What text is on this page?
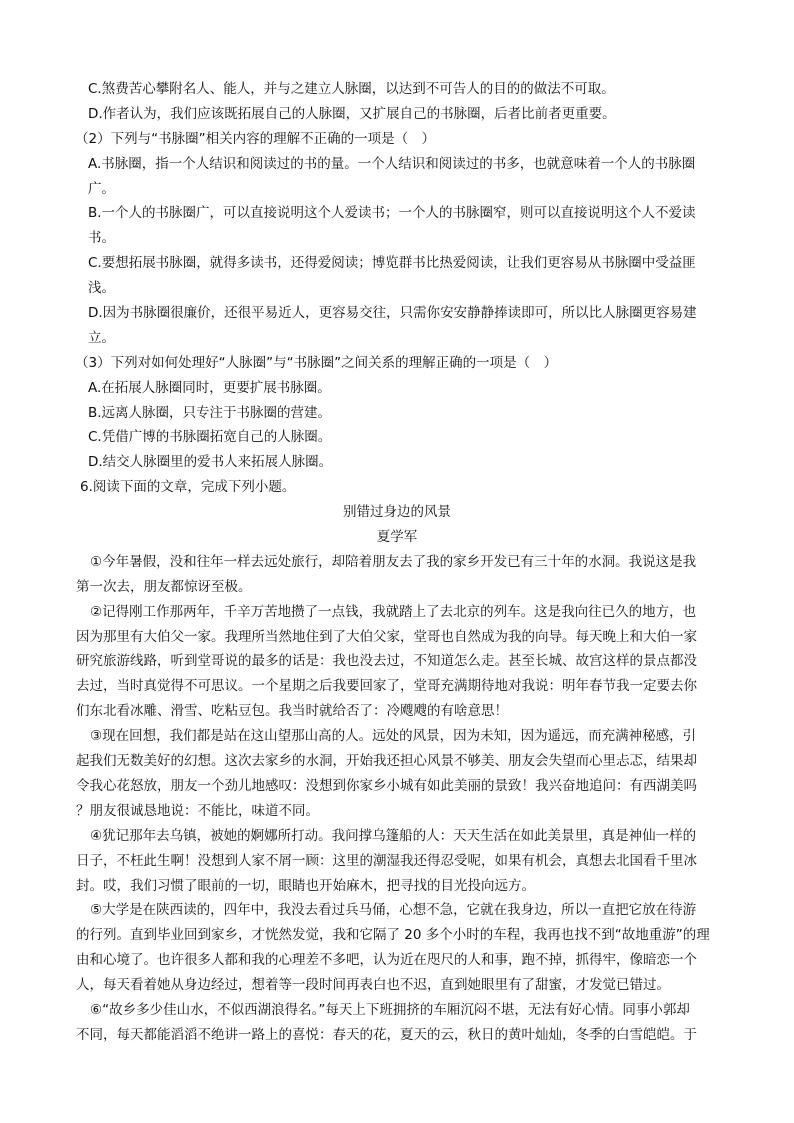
C.煞费苦心攀附名人、能人，并与之建立人脉圈，以达到不可告人的目的的做法不可取。
D.作者认为，我们应该既拓展自己的人脉圈，又扩展自己的书脉圈，后者比前者更重要。
（2）下列与“书脉圈”相关内容的理解不正确的一项是（　）
A.书脉圈，指一个人结识和阅读过的书的量。一个人结识和阅读过的书多，也就意味着一个人的书脉圈
广。
B.一个人的书脉圈广，可以直接说明这个人爱读书；一个人的书脉圈窄，则可以直接说明这个人不爱读
书。
C.要想拓展书脉圈，就得多读书，还得爱阅读；博览群书比热爱阅读，让我们更容易从书脉圈中受益匪
浅。
D.因为书脉圈很廉价，还很平易近人，更容易交往，只需你安安静静捧读即可，所以比人脉圈更容易建
立。
（3）下列对如何处理好“人脉圈”与“书脉圈”之间关系的理解正确的一项是（　）
A.在拓展人脉圈同时，更要扩展书脉圈。
B.远离人脉圈，只专注于书脉圈的营建。
C.凭借广博的书脉圈拓宽自己的人脉圈。
D.结交人脉圈里的爱书人来拓展人脉圈。
6.阅读下面的文章，完成下列小题。
别错过身边的风景
夏学军
①今年暑假，没和往年一样去远处旅行，却陪着朋友去了我的家乡开发已有三十年的水洞。我说这是我
第一次去，朋友都惊讶至极。
②记得刚工作那两年，千辛万苦地攒了一点钱，我就踏上了去北京的列车。这是我向往已久的地方，也
因为那里有大伯父一家。我理所当然地住到了大伯父家，堂哥也自然成为我的向导。每天晚上和大伯一家
研究旅游线路，听到堂哥说的最多的话是：我也没去过，不知道怎么走。甚至长城、故宫这样的景点都没
去过，当时真觉得不可思议。一个星期之后我要回家了，堂哥充满期待地对我说：明年春节我一定要去你
们东北看冰雕、滑雪、吃粘豆包。我当时就给否了：冷飕飕的有啥意思！
③现在回想，我们都是站在这山望那山高的人。远处的风景，因为未知，因为遥远，而充满神秘感，引
起我们无数美好的幻想。这次去家乡的水洞，开始我还担心风景不够美、朋友会失望而心里忐忑，结果却
令我心花怒放，朋友一个劲儿地感叹：没想到你家乡小城有如此美丽的景致！我兴奋地追问：有西湖美吗
？朋友很诚恳地说：不能比，味道不同。
④犹记那年去乌镇，被她的婀娜所打动。我问撑乌篷船的人：天天生活在如此美景里，真是神仙一样的
日子，不枉此生啊！没想到人家不屑一顾：这里的潮湿我还得忍受呢，如果有机会，真想去北国看千里冰
封。哎，我们习惯了眼前的一切，眼睛也开始麻木，把寻找的目光投向远方。
⑤大学是在陕西读的，四年中，我没去看过兵马俑，心想不急，它就在我身边，所以一直把它放在待游
的行列。直到毕业回到家乡，才恍然发觉，我和它隔了 20 多个小时的车程，我再也找不到“故地重游”的理
由和心境了。也许很多人都和我的心理差不多吧，认为近在咫尺的人和事，跑不掉，抓得牢，像暗恋一个
人，每天看着她从身边经过，想着等一段时间再表白也不迟，直到她眼里有了甜蜜，才发觉已错过。
⑥“故乡多少佳山水，不似西湖浪得名。”每天上下班拥挤的车厢沉闷不堪，无法有好心情。同事小郭却
不同，每天都能滔滔不绝讲一路上的喜悦：春天的花，夏天的云，秋日的黄叶灿灿，冬季的白雪皑皑。于
